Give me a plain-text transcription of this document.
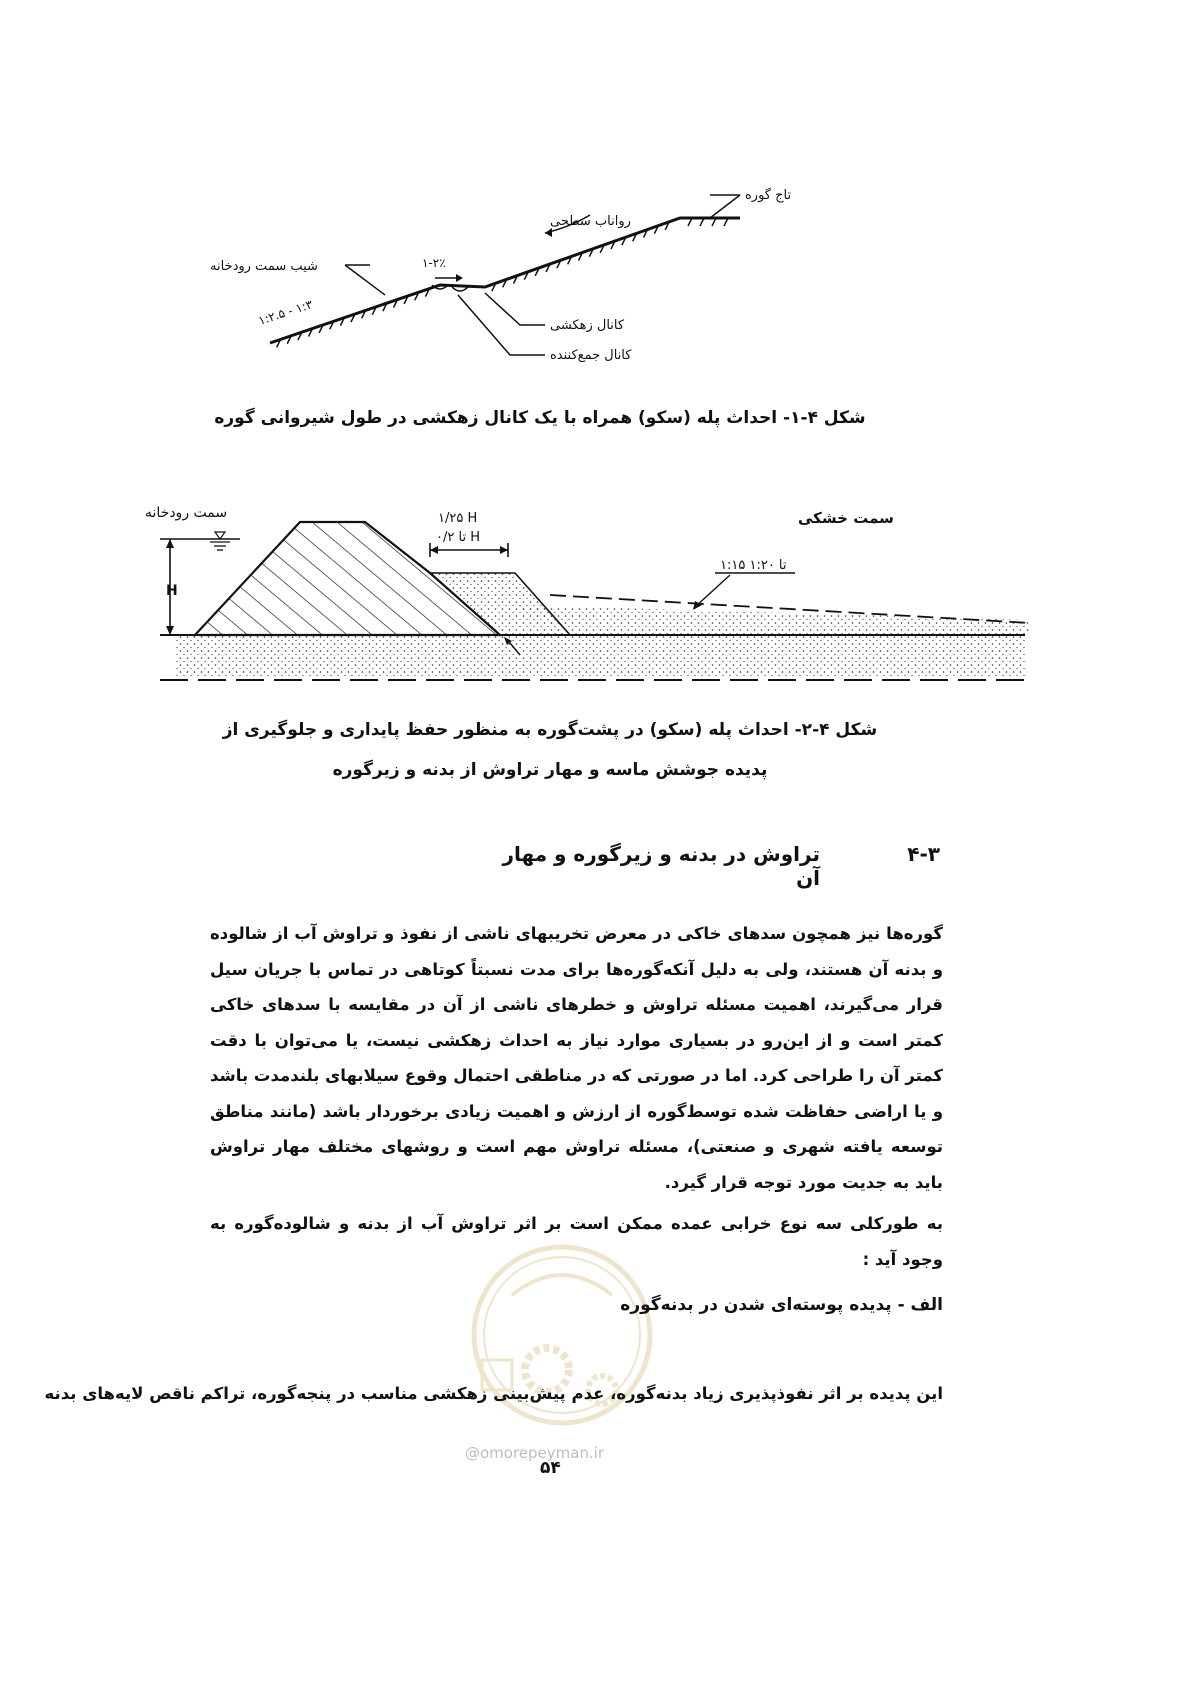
تاج گوره
رواناب سطحی
شیب سمت رودخانه
۱:۲.۵ - ۱:۳
۱-۲٪
کانال زهکشی
کانال جمع‌کننده
شکل ۴-۱- احداث پله (سکو) همراه با یک کانال زهکشی در طول شیروانی گوره
H
۱/۲۵ H
تا ۰/۲ H
۱:۱۵ تا ۱:۲۰
سمت رودخانه	سمت خشکی
شکل ۴-۲- احداث پله (سکو) در پشت‌گوره به منظور حفظ پایداری و جلوگیری از
پدیده جوشش ماسه و مهار تراوش از بدنه و زیرگوره
۴-۳
تراوش در بدنه و زیرگوره و مهار آن
گوره‌ها نیز همچون سدهای خاکی در معرض تخریبهای ناشی از نفوذ و تراوش آب از شالوده و بدنه آن هستند، ولی به دلیل آنکه‌گوره‌ها برای مدت نسبتاً کوتاهی در تماس با جریان سیل قرار می‌گیرند، اهمیت مسئله تراوش و خطرهای ناشی از آن در مقایسه با سدهای خاکی کمتر است و از این‌رو در بسیاری موارد نیاز به احداث زهکشی نیست، یا می‌توان با دقت کمتر آن را طراحی کرد. اما در صورتی که در مناطقی احتمال وقوع سیلابهای بلندمدت باشد و یا اراضی حفاظت شده توسط‌گوره از ارزش و اهمیت زیادی برخوردار باشد (مانند مناطق توسعه یافته شهری و صنعتی)، مسئله تراوش مهم است و روشهای مختلف مهار تراوش باید به جدیت مورد توجه قرار گیرد.
به طورکلی سه نوع خرابی عمده ممکن است بر اثر تراوش آب از بدنه و شالوده‌گوره به وجود آید :
الف - پدیده پوسته‌ای شدن در بدنه‌گوره
این پدیده بر اثر نفوذپذیری زیاد بدنه‌گوره، عدم پیش‌بینی زهکشی مناسب در پنجه‌گوره، تراکم ناقص لایه‌های بدنه
@omorepeyman.ir
۵۴
